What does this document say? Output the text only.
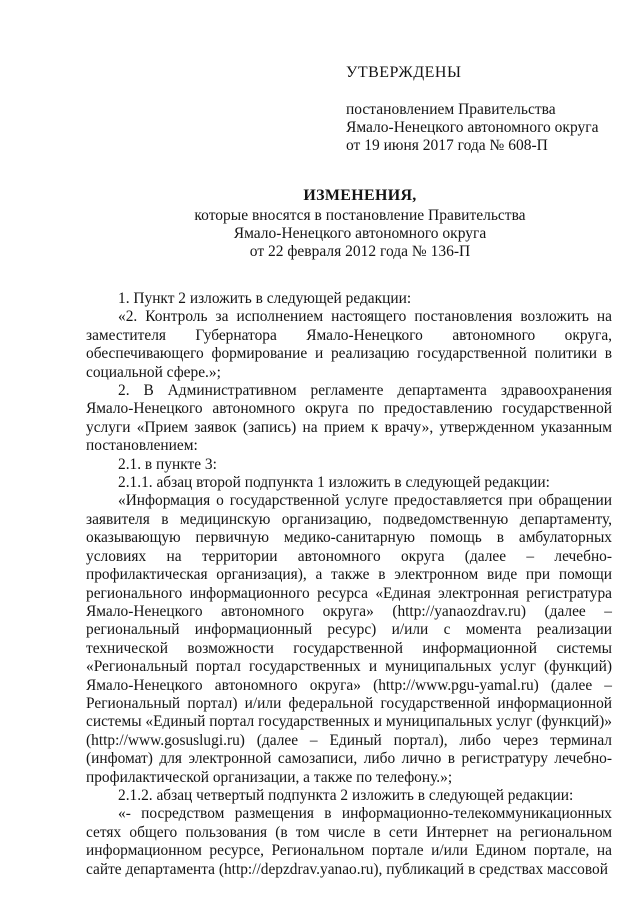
УТВЕРЖДЕНЫ
постановлением Правительства
Ямало-Ненецкого автономного округа
от 19 июня 2017 года № 608-П
ИЗМЕНЕНИЯ,
которые вносятся в постановление Правительства
Ямало-Ненецкого автономного округа
от 22 февраля 2012 года № 136-П

1. Пункт 2 изложить в следующей редакции:

«2. Контроль за исполнением настоящего постановления возложить на заместителя Губернатора Ямало-Ненецкого автономного округа, обеспечивающего формирование и реализацию государственной политики в социальной сфере.»;

2. В Административном регламенте департамента здравоохранения Ямало-Ненецкого автономного округа по предоставлению государственной услуги «Прием заявок (запись) на прием к врачу», утвержденном указанным постановлением:

2.1. в пункте 3:

2.1.1. абзац второй подпункта 1 изложить в следующей редакции:

«Информация о государственной услуге предоставляется при обращении заявителя в медицинскую организацию, подведомственную департаменту, оказывающую первичную медико-санитарную помощь в амбулаторных условиях на территории автономного округа (далее – лечебно-профилактическая организация), а также в электронном виде при помощи регионального информационного ресурса «Единая электронная регистратура Ямало-Ненецкого автономного округа» (http://yanaozdrav.ru) (далее – региональный информационный ресурс) и/или с момента реализации технической возможности государственной информационной системы «Региональный портал государственных и муниципальных услуг (функций) Ямало-Ненецкого автономного округа» (http://www.pgu-yamal.ru) (далее – Региональный портал) и/или федеральной государственной информационной системы «Единый портал государственных и муниципальных услуг (функций)» (http://www.gosuslugi.ru) (далее – Единый портал), либо через терминал (инфомат) для электронной самозаписи, либо лично в регистратуру лечебно-профилактической организации, а также по телефону.»;

2.1.2. абзац четвертый подпункта 2 изложить в следующей редакции:

«- посредством размещения в информационно-телекоммуникационных сетях общего пользования (в том числе в сети Интернет на региональном информационном ресурсе, Региональном портале и/или Едином портале, на сайте департамента (http://depzdrav.yanao.ru), публикаций в средствах массовой
